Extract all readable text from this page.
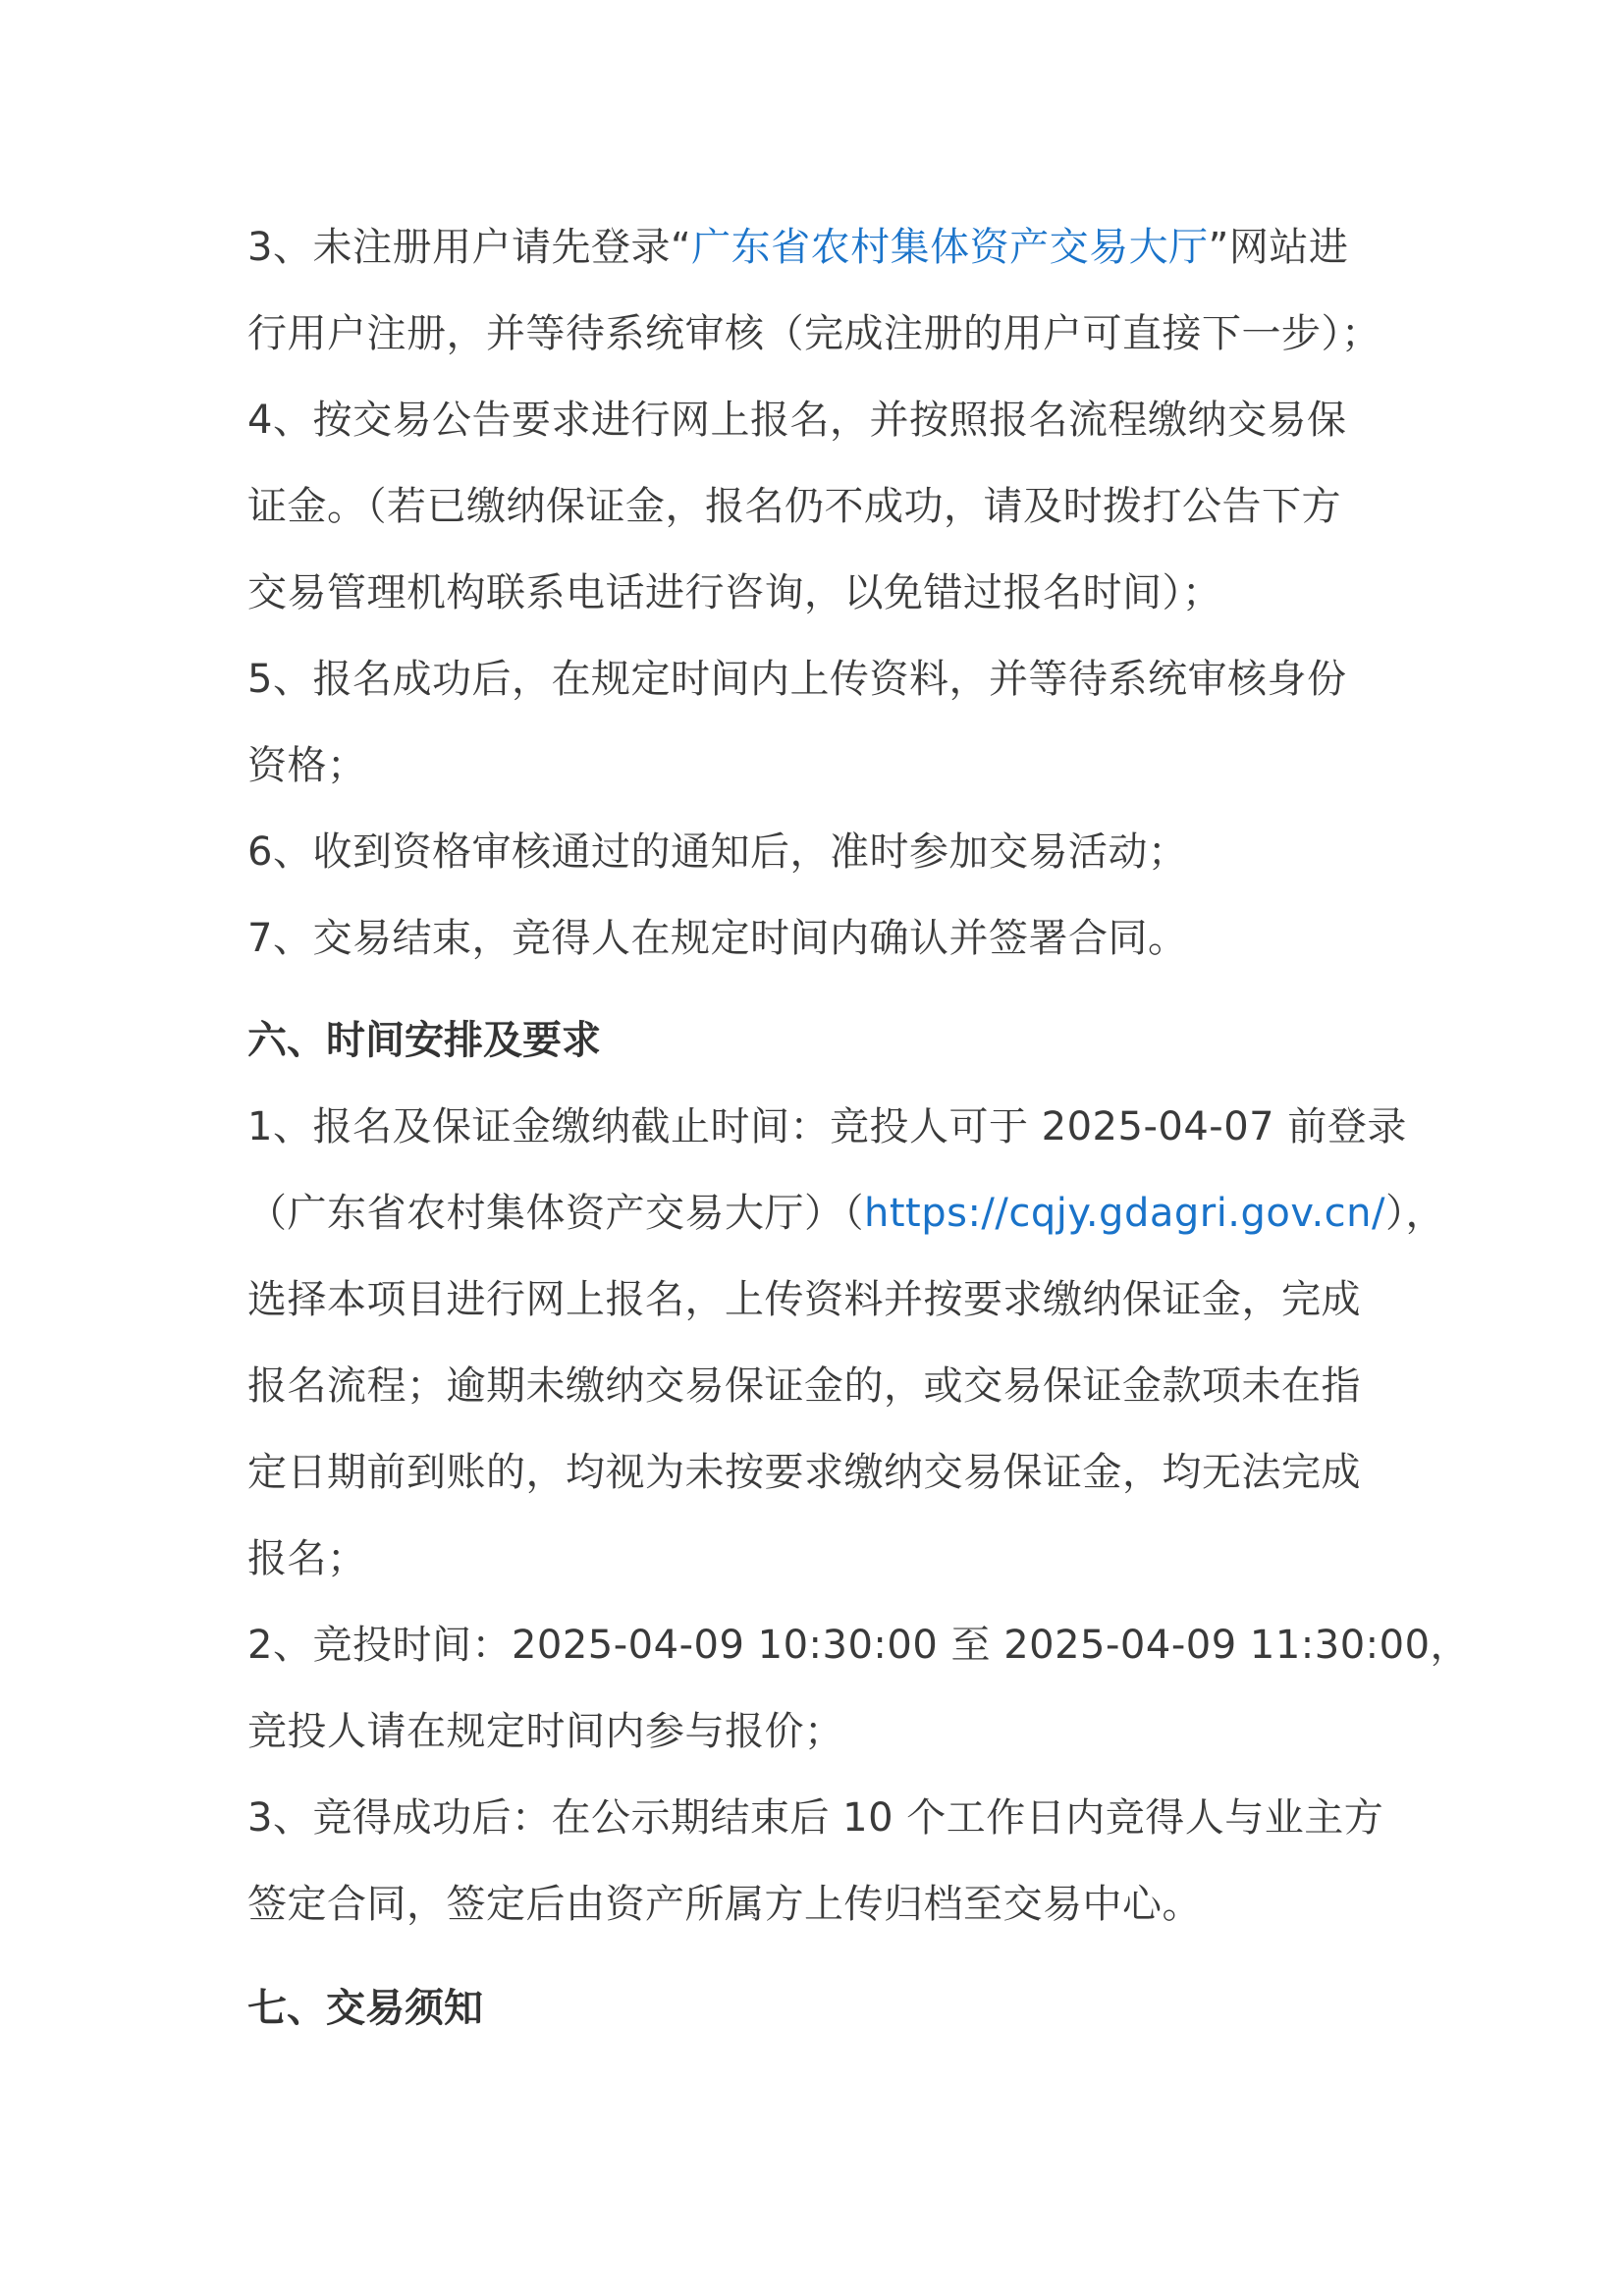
3、未注册用户请先登录“广东省农村集体资产交易大厅”网站进
行用户注册，并等待系统审核（完成注册的用户可直接下一步）；
4、按交易公告要求进行网上报名，并按照报名流程缴纳交易保
证金。（若已缴纳保证金，报名仍不成功，请及时拨打公告下方
交易管理机构联系电话进行咨询，以免错过报名时间）；
5、报名成功后，在规定时间内上传资料，并等待系统审核身份
资格；
6、收到资格审核通过的通知后，准时参加交易活动；
7、交易结束，竞得人在规定时间内确认并签署合同。
六、时间安排及要求
1、报名及保证金缴纳截止时间：竞投人可于 2025-04-07 前登录
（广东省农村集体资产交易大厅）（https://cqjy.gdagri.gov.cn/），
选择本项目进行网上报名，上传资料并按要求缴纳保证金，完成
报名流程；逾期未缴纳交易保证金的，或交易保证金款项未在指
定日期前到账的，均视为未按要求缴纳交易保证金，均无法完成
报名；
2、竞投时间：2025-04-09 10:30:00 至 2025-04-09 11:30:00，
竞投人请在规定时间内参与报价；
3、竞得成功后：在公示期结束后 10 个工作日内竞得人与业主方
签定合同，签定后由资产所属方上传归档至交易中心。
七、交易须知
